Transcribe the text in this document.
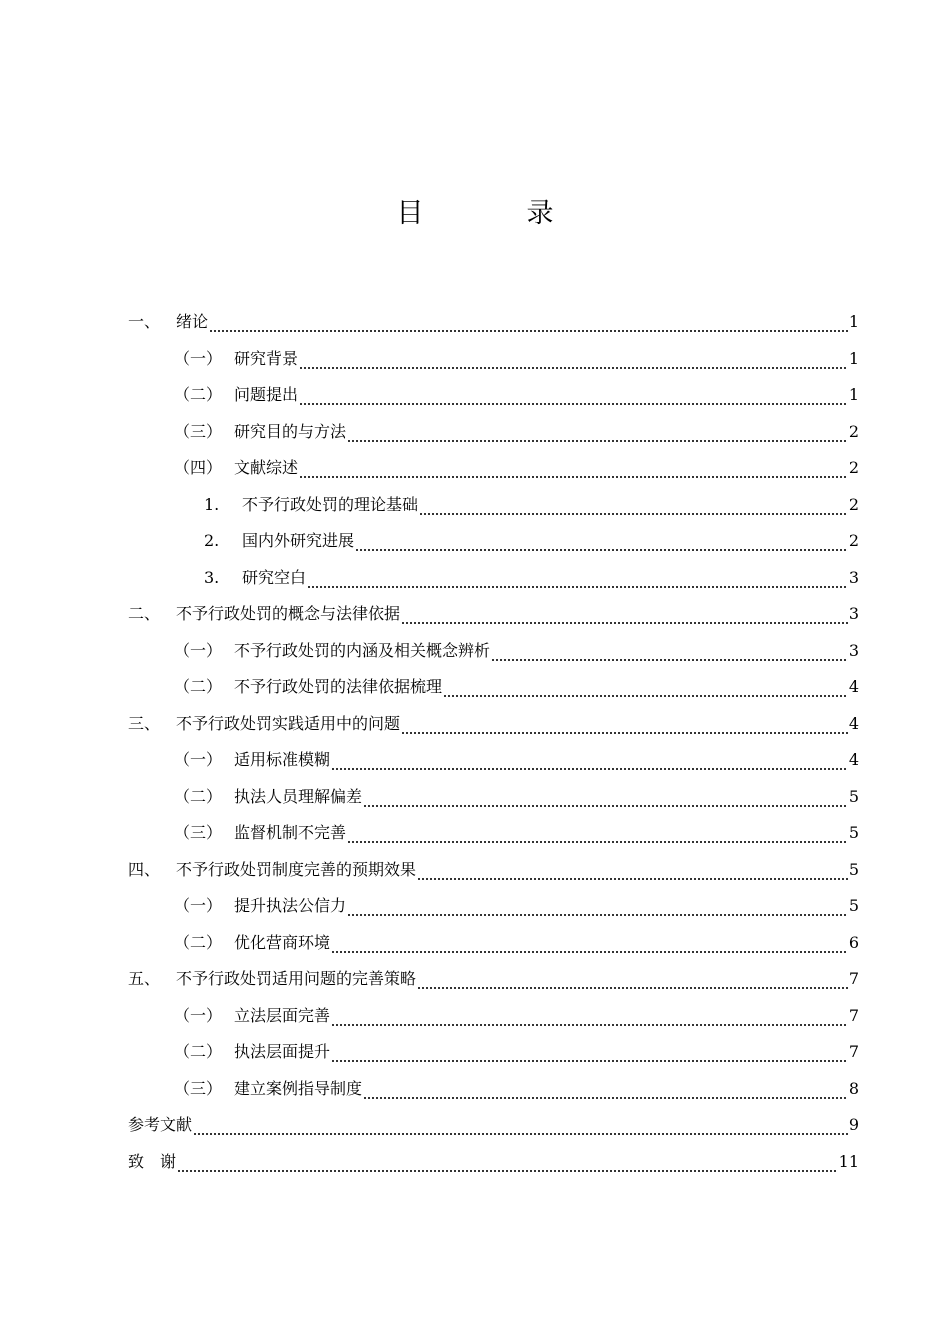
目　录
一、 绪论	1
（一） 研究背景	1
（二） 问题提出	1
（三） 研究目的与方法	2
（四） 文献综述	2
1.	不予行政处罚的理论基础	2
2.	国内外研究进展	2
3.	研究空白	3
二、 不予行政处罚的概念与法律依据	3
（一） 不予行政处罚的内涵及相关概念辨析	3
（二） 不予行政处罚的法律依据梳理	4
三、 不予行政处罚实践适用中的问题	4
（一） 适用标准模糊	4
（二） 执法人员理解偏差	5
（三） 监督机制不完善	5
四、 不予行政处罚制度完善的预期效果	5
（一） 提升执法公信力	5
（二） 优化营商环境	6
五、 不予行政处罚适用问题的完善策略	7
（一） 立法层面完善	7
（二） 执法层面提升	7
（三） 建立案例指导制度	8
参考文献	9
致　谢	11
